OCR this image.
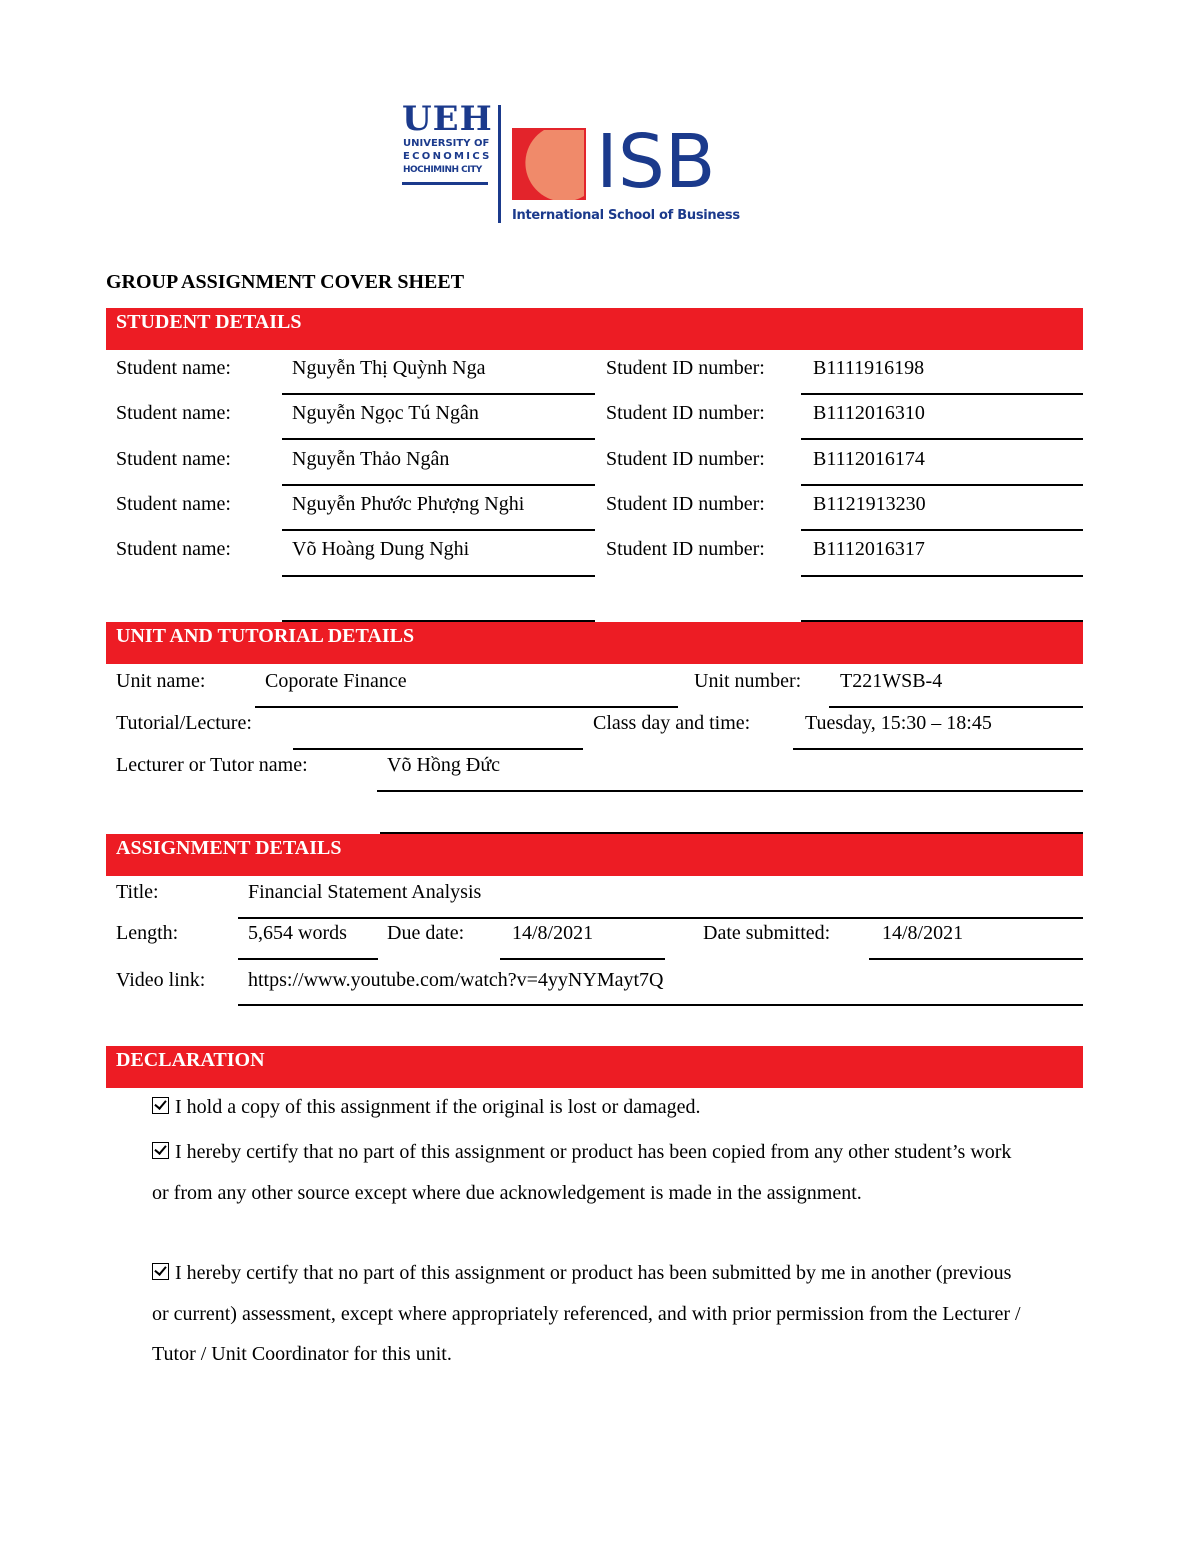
UEH
UNIVERSITY OF
ECONOMICS
HOCHIMINH CITY ISB
International School of Business
GROUP ASSIGNMENT COVER SHEET
STUDENT DETAILS
Student name:	Nguyễn Thị Quỳnh Nga	Student ID number: B1111916198
Student name:	Nguyễn Ngọc Tú Ngân	Student ID number: B1112016310
Student name:	Nguyễn Thảo Ngân	Student ID number: B1112016174
Student name:	Nguyễn Phước Phượng Nghi	Student ID number: B1121913230
Student name:	Võ Hoàng Dung Nghi	Student ID number: B1112016317
UNIT AND TUTORIAL DETAILS
Unit name:	Coporate Finance	Unit number: T221WSB-4
Tutorial/Lecture:	Class day and time:	Tuesday, 15:30 – 18:45
Lecturer or Tutor name:	Võ Hồng Đức
ASSIGNMENT DETAILS
Title:	Financial Statement Analysis
Length:	5,654 words Due date: 14/8/2021	Date submitted:	14/8/2021
Video link: https://www.youtube.com/watch?v=4yyNYMayt7Q
DECLARATION
I hold a copy of this assignment if the original is lost or damaged.
I hereby certify that no part of this assignment or product has been copied from any other student’s work or from any other source except where due acknowledgement is made in the assignment.
I hereby certify that no part of this assignment or product has been submitted by me in another (previous or current) assessment, except where appropriately referenced, and with prior permission from the Lecturer / Tutor / Unit Coordinator for this unit.
